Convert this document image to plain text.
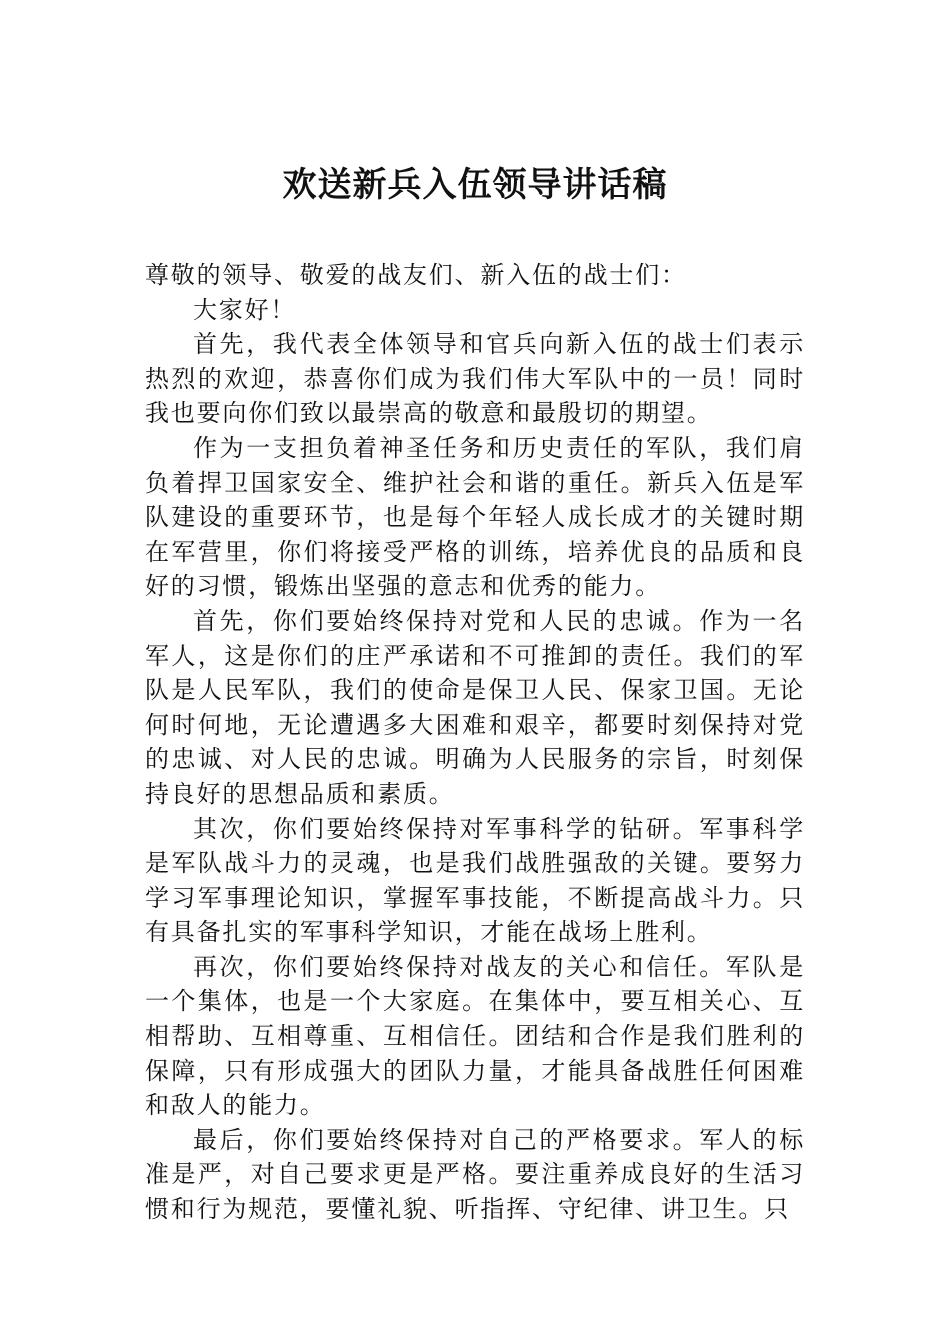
欢送新兵入伍领导讲话稿

尊敬的领导、敬爱的战友们、新入伍的战士们：

大家好！

首先，我代表全体领导和官兵向新入伍的战士们表示热烈的欢迎，恭喜你们成为我们伟大军队中的一员！同时我也要向你们致以最崇高的敬意和最殷切的期望。

作为一支担负着神圣任务和历史责任的军队，我们肩负着捍卫国家安全、维护社会和谐的重任。新兵入伍是军队建设的重要环节，也是每个年轻人成长成才的关键时期在军营里，你们将接受严格的训练，培养优良的品质和良好的习惯，锻炼出坚强的意志和优秀的能力。

首先，你们要始终保持对党和人民的忠诚。作为一名军人，这是你们的庄严承诺和不可推卸的责任。我们的军队是人民军队，我们的使命是保卫人民、保家卫国。无论何时何地，无论遭遇多大困难和艰辛，都要时刻保持对党的忠诚、对人民的忠诚。明确为人民服务的宗旨，时刻保持良好的思想品质和素质。

其次，你们要始终保持对军事科学的钻研。军事科学是军队战斗力的灵魂，也是我们战胜强敌的关键。要努力学习军事理论知识，掌握军事技能，不断提高战斗力。只有具备扎实的军事科学知识，才能在战场上胜利。

再次，你们要始终保持对战友的关心和信任。军队是一个集体，也是一个大家庭。在集体中，要互相关心、互相帮助、互相尊重、互相信任。团结和合作是我们胜利的保障，只有形成强大的团队力量，才能具备战胜任何困难和敌人的能力。

最后，你们要始终保持对自己的严格要求。军人的标准是严，对自己要求更是严格。要注重养成良好的生活习惯和行为规范，要懂礼貌、听指挥、守纪律、讲卫生。只
